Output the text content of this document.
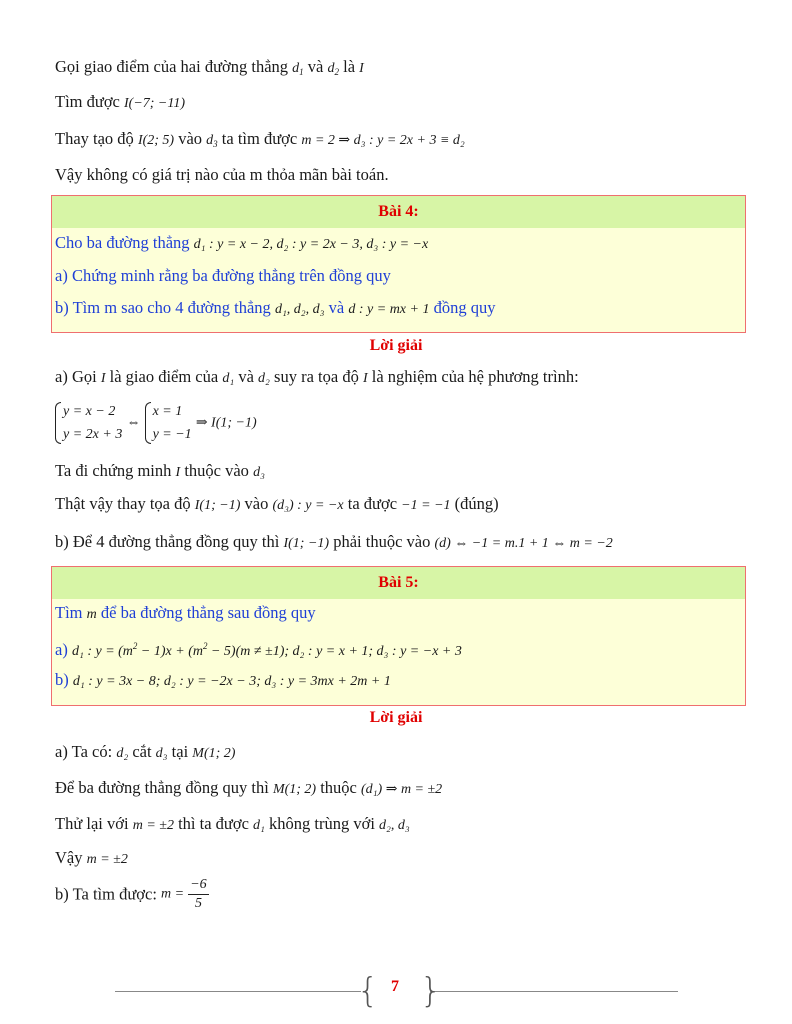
Gọi giao điểm của hai đường thẳng $d_1$ và $d_2$ là I
Tìm được I(−7; −11)
Thay tạo độ I(2; 5) vào $d_3$ ta tìm được m = 2 ⇒ d₃ : y = 2x + 3 ≡ d₂
Vậy không có giá trị nào của m thỏa mãn bài toán.
Bài 4:
Cho ba đường thẳng d₁ : y = x − 2, d₂ : y = 2x − 3, d₃ : y = −x
a) Chứng minh rằng ba đường thẳng trên đồng quy
b) Tìm m sao cho 4 đường thẳng d₁, d₂, d₃ và d : y = mx + 1 đồng quy
Lời giải
a) Gọi I là giao điểm của d₁ và d₂ suy ra tọa độ I là nghiệm của hệ phương trình:
y = x − 2
y = 2x + 3
⇔
x = 1
y = −1
⇒ I(1; −1)
Ta đi chứng minh I thuộc vào d₃
Thật vậy thay tọa độ I(1; −1) vào (d₃) : y = −x ta được −1 = −1 (đúng)
b) Để 4 đường thẳng đồng quy thì I(1; −1) phải thuộc vào (d) ⇔ −1 = m.1 + 1 ⇔ m = −2
Bài 5:
Tìm m để ba đường thẳng sau đồng quy
a) d₁ : $y = (m^2 - 1)x + (m^2 - 5)(m \ne \pm 1)$; d₂ : y = x + 1; d₃ : y = −x + 3
b) d₁ : y = 3x − 8; d₂ : y = −2x − 3; d₃ : y = 3mx + 2m + 1
Lời giải
a) Ta có: d₂ cắt d₃ tại M(1; 2)
Để ba đường thẳng đồng quy thì M(1; 2) thuộc (d₁) ⇒ m = ±2
Thử lại với m = ±2 thì ta được d₁ không trùng với d₂, d₃
Vậy m = ±2
b) Ta tìm được: $m = \frac{-6}{5}$
{ }
7
